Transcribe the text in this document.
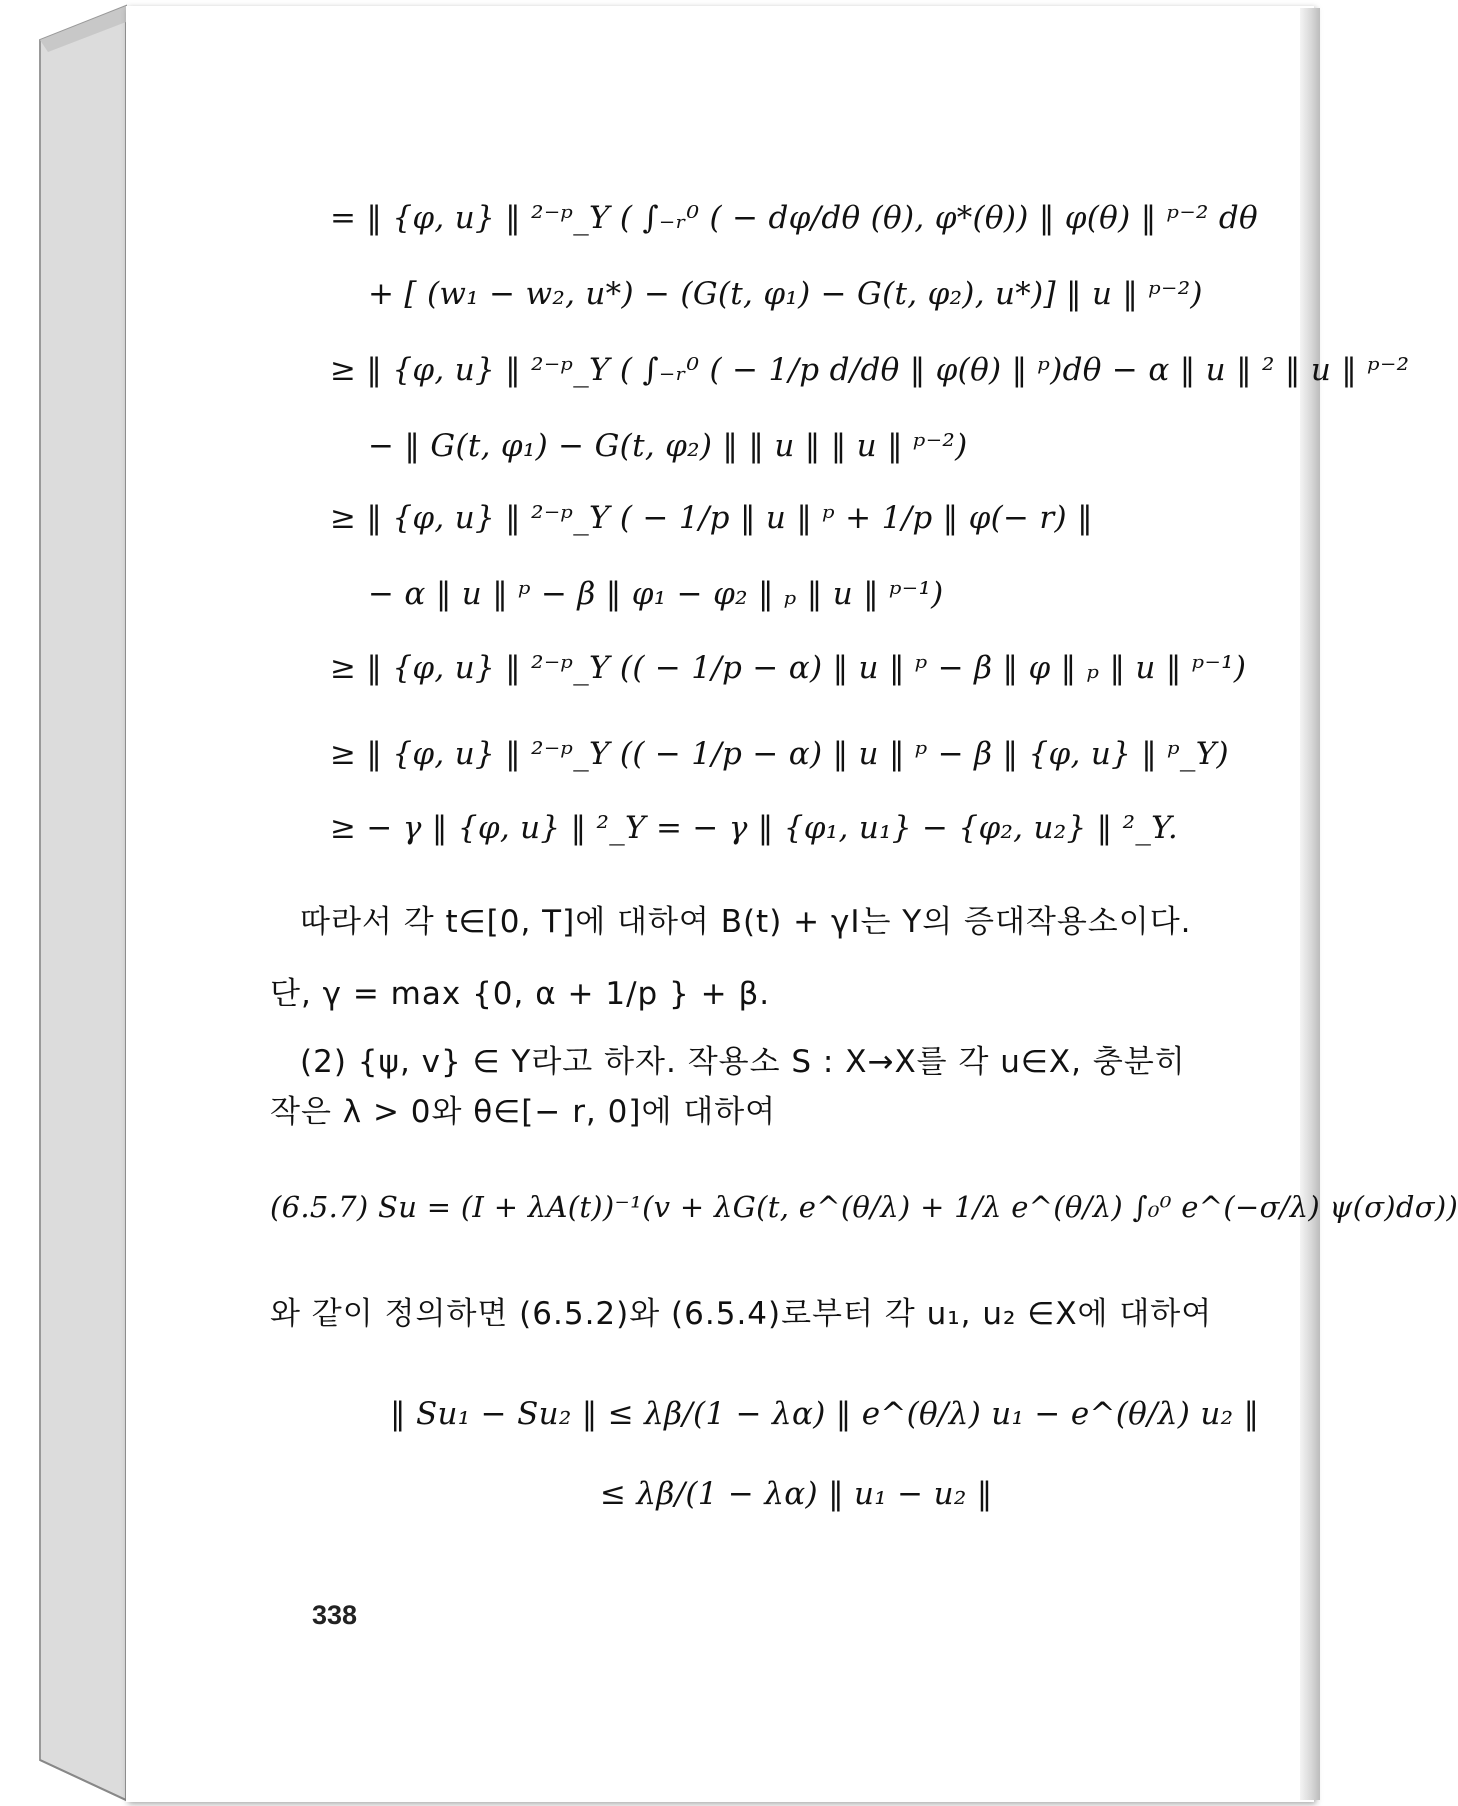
= ‖ {φ, u} ‖ ²⁻ᵖ_Y ( ∫₋ᵣ⁰ ( − dφ/dθ (θ), φ*(θ)) ‖ φ(θ) ‖ ᵖ⁻² dθ
+ [ (w₁ − w₂, u*) − (G(t, φ₁) − G(t, φ₂), u*)] ‖ u ‖ ᵖ⁻²)
≥ ‖ {φ, u} ‖ ²⁻ᵖ_Y ( ∫₋ᵣ⁰ ( − 1/p d/dθ ‖ φ(θ) ‖ ᵖ)dθ − α ‖ u ‖ ² ‖ u ‖ ᵖ⁻²
− ‖ G(t, φ₁) − G(t, φ₂) ‖ ‖ u ‖ ‖ u ‖ ᵖ⁻²)
≥ ‖ {φ, u} ‖ ²⁻ᵖ_Y ( − 1/p ‖ u ‖ ᵖ + 1/p ‖ φ(− r) ‖
− α ‖ u ‖ ᵖ − β ‖ φ₁ − φ₂ ‖ ₚ ‖ u ‖ ᵖ⁻¹)
≥ ‖ {φ, u} ‖ ²⁻ᵖ_Y (( − 1/p − α) ‖ u ‖ ᵖ − β ‖ φ ‖ ₚ ‖ u ‖ ᵖ⁻¹)
≥ ‖ {φ, u} ‖ ²⁻ᵖ_Y (( − 1/p − α) ‖ u ‖ ᵖ − β ‖ {φ, u} ‖ ᵖ_Y)
≥ − γ ‖ {φ, u} ‖ ²_Y = − γ ‖ {φ₁, u₁} − {φ₂, u₂} ‖ ²_Y.
따라서 각 t∈[0, T]에 대하여 B(t) + γI는 Y의 증대작용소이다.
단, γ = max {0, α + 1/p } + β.
(2) {ψ, v} ∈ Y라고 하자. 작용소 S : X→X를 각 u∈X, 충분히
작은 λ > 0와 θ∈[− r, 0]에 대하여
(6.5.7) Su = (I + λA(t))⁻¹(v + λG(t, e^(θ/λ) + 1/λ e^(θ/λ) ∫₀⁰ e^(−σ/λ) ψ(σ)dσ))
와 같이 정의하면 (6.5.2)와 (6.5.4)로부터 각 u₁, u₂ ∈X에 대하여
‖ Su₁ − Su₂ ‖ ≤ λβ/(1 − λα) ‖ e^(θ/λ) u₁ − e^(θ/λ) u₂ ‖
≤ λβ/(1 − λα) ‖ u₁ − u₂ ‖
338
